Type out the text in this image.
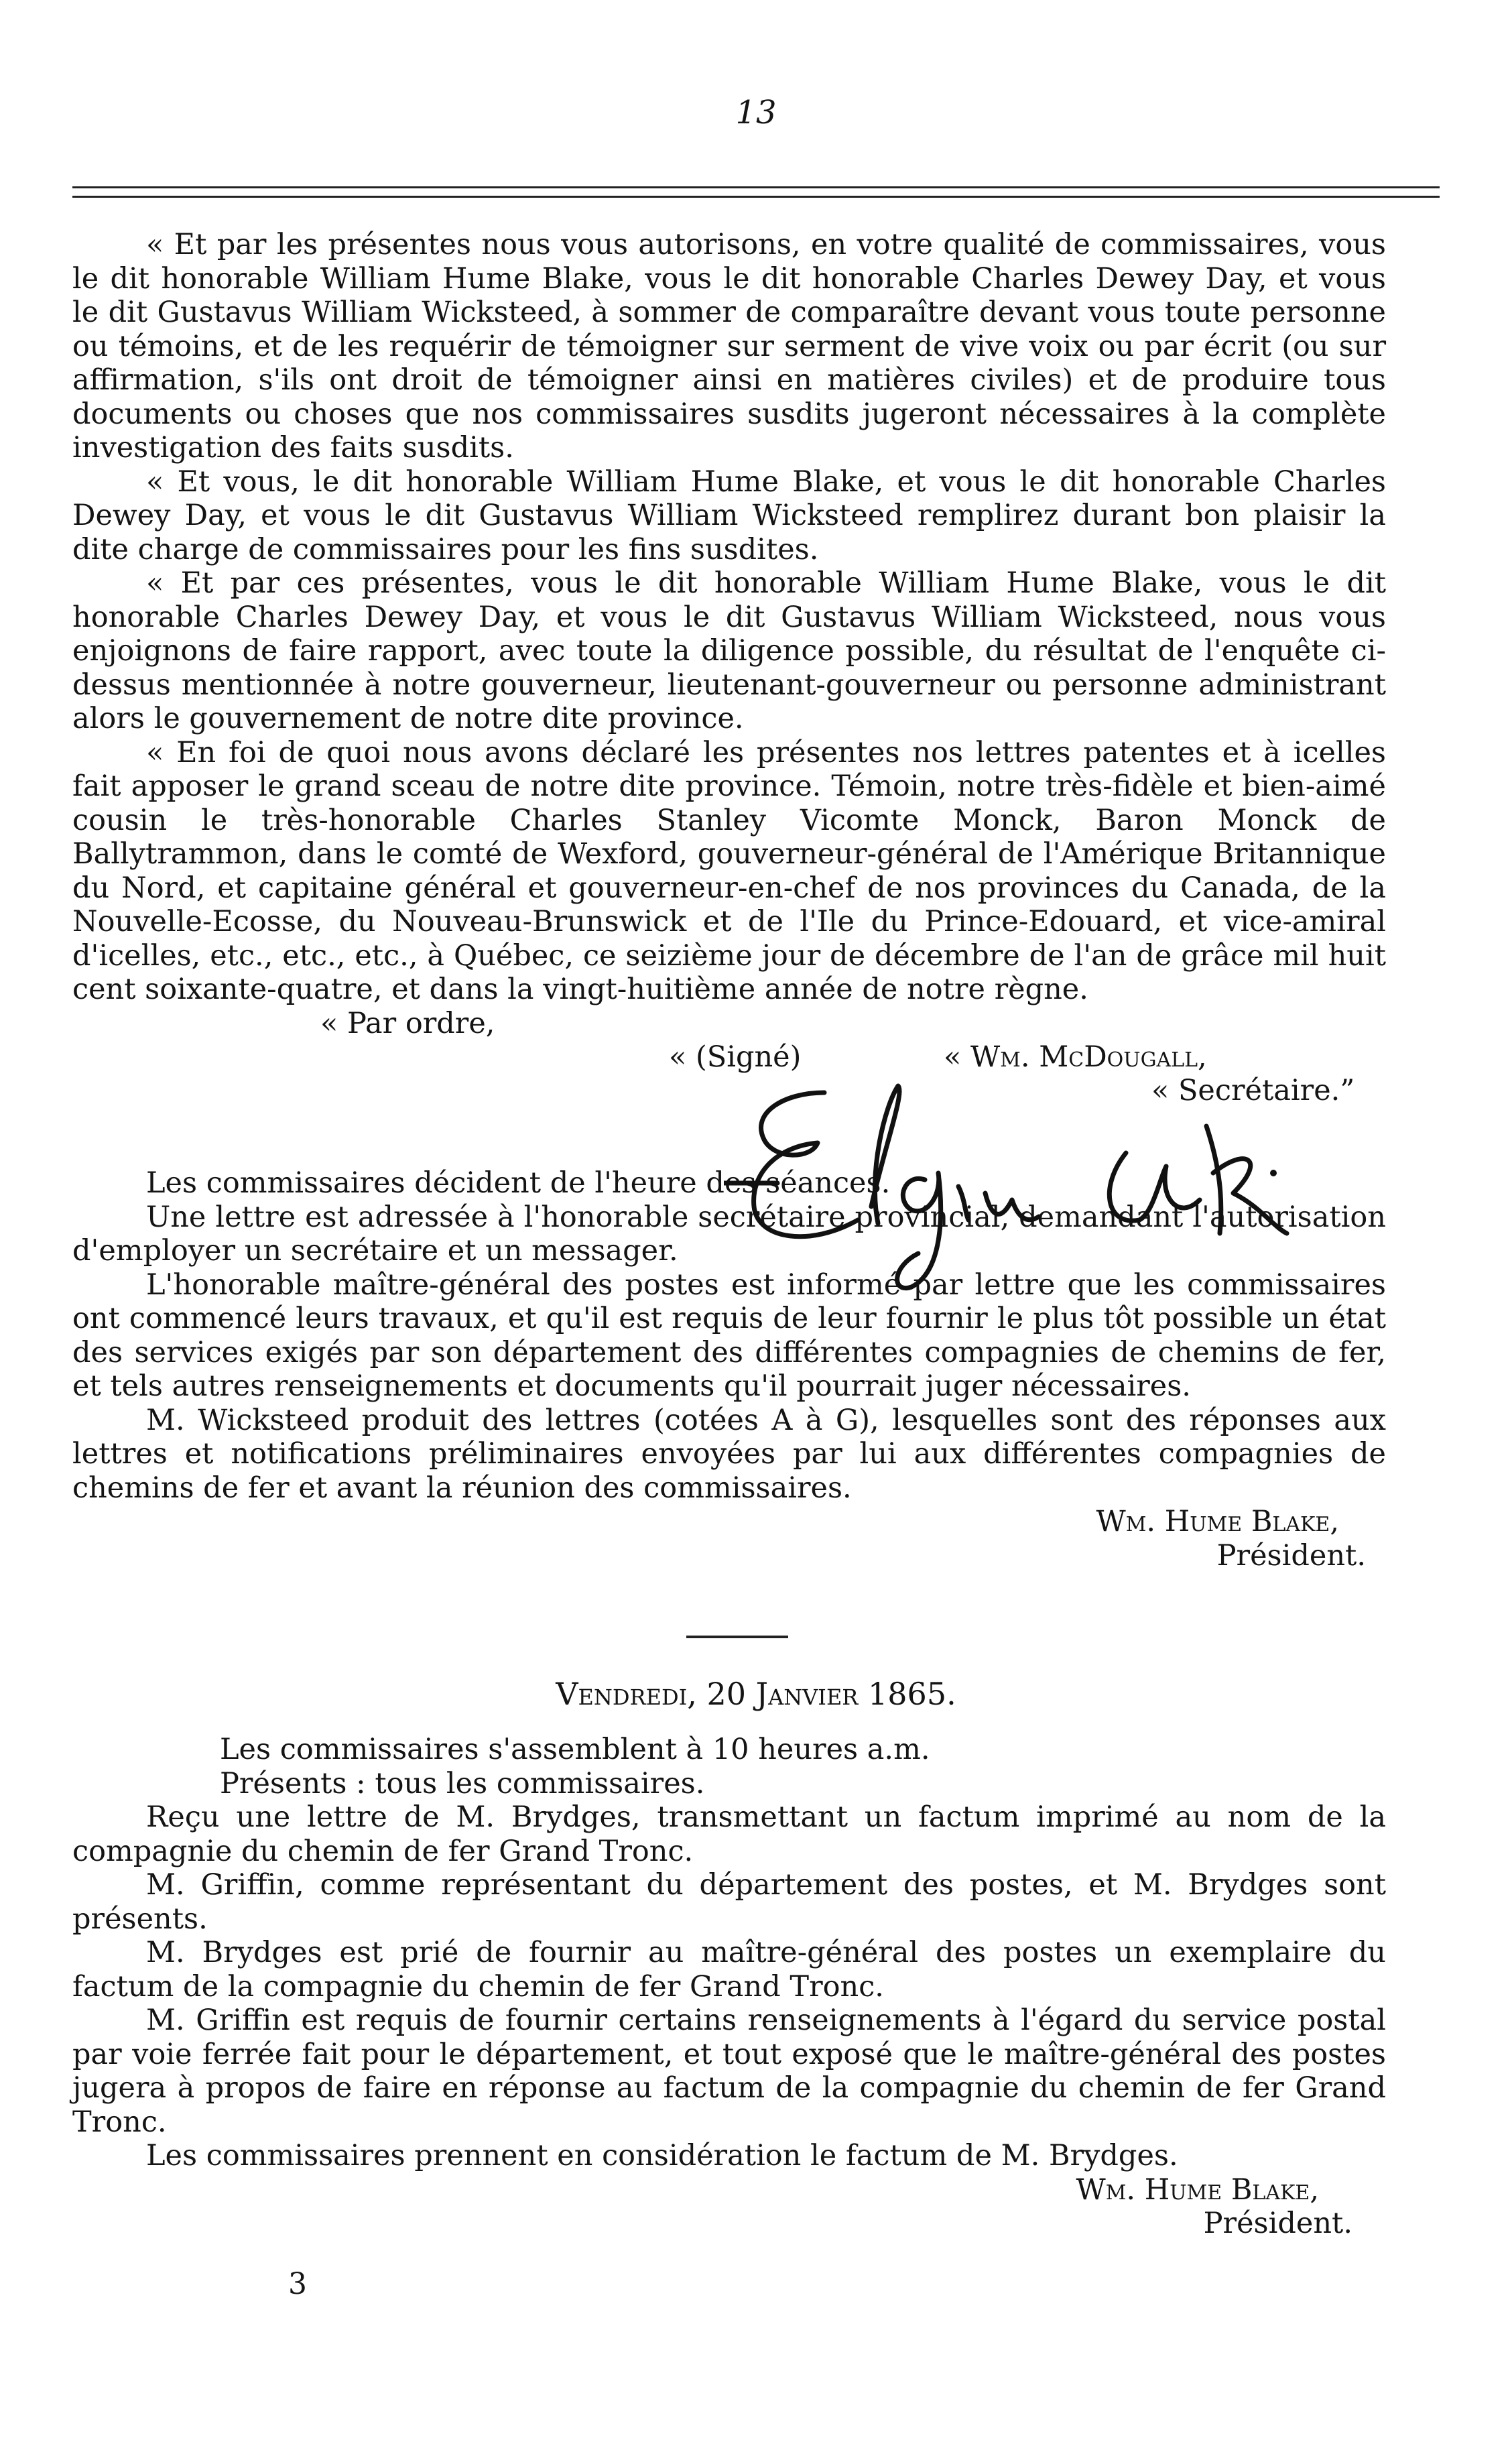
13

« Et par les présentes nous vous autorisons, en votre qualité de commissaires, vous le dit honorable William Hume Blake, vous le dit honorable Charles Dewey Day, et vous le dit Gustavus William Wicksteed, à sommer de comparaître devant vous toute personne ou témoins, et de les requérir de témoigner sur serment de vive voix ou par écrit (ou sur affirmation, s'ils ont droit de témoigner ainsi en matières civiles) et de produire tous documents ou choses que nos commissaires susdits jugeront nécessaires à la complète investigation des faits susdits.

« Et vous, le dit honorable William Hume Blake, et vous le dit honorable Charles Dewey Day, et vous le dit Gustavus William Wicksteed remplirez durant bon plaisir la dite charge de commissaires pour les fins susdites.

« Et par ces présentes, vous le dit honorable William Hume Blake, vous le dit honorable Charles Dewey Day, et vous le dit Gustavus William Wicksteed, nous vous enjoignons de faire rapport, avec toute la diligence possible, du résultat de l'enquête ci-dessus mentionnée à notre gouverneur, lieutenant-gouverneur ou personne administrant alors le gouvernement de notre dite province.

« En foi de quoi nous avons déclaré les présentes nos lettres patentes et à icelles fait apposer le grand sceau de notre dite province. Témoin, notre très-fidèle et bien-aimé cousin le très-honorable Charles Stanley Vicomte Monck, Baron Monck de Ballytrammon, dans le comté de Wexford, gouverneur-général de l'Amérique Britannique du Nord, et capitaine général et gouverneur-en-chef de nos provinces du Canada, de la Nouvelle-Ecosse, du Nouveau-Brunswick et de l'Ile du Prince-Edouard, et vice-amiral d'icelles, etc., etc., etc., à Québec, ce seizième jour de décembre de l'an de grâce mil huit cent soixante-quatre, et dans la vingt-huitième année de notre règne.

« Par ordre,

« (Signé)	« Wm. McDougall,
« Secrétaire.”

Les commissaires décident de l'heure des séances.

Une lettre est adressée à l'honorable secrétaire provincial, demandant l'autorisation d'employer un secrétaire et un messager.

L'honorable maître-général des postes est informé par lettre que les commissaires ont commencé leurs travaux, et qu'il est requis de leur fournir le plus tôt possible un état des services exigés par son département des différentes compagnies de chemins de fer, et tels autres renseignements et documents qu'il pourrait juger nécessaires.

M. Wicksteed produit des lettres (cotées A à G), lesquelles sont des réponses aux lettres et notifications préliminaires envoyées par lui aux différentes compagnies de chemins de fer et avant la réunion des commissaires.

Wm. Hume Blake,

Président.

Vendredi, 20 Janvier 1865.

Les commissaires s'assemblent à 10 heures a.m.

Présents : tous les commissaires.

Reçu une lettre de M. Brydges, transmettant un factum imprimé au nom de la compagnie du chemin de fer Grand Tronc.

M. Griffin, comme représentant du département des postes, et M. Brydges sont présents.

M. Brydges est prié de fournir au maître-général des postes un exemplaire du factum de la compagnie du chemin de fer Grand Tronc.

M. Griffin est requis de fournir certains renseignements à l'égard du service postal par voie ferrée fait pour le département, et tout exposé que le maître-général des postes jugera à propos de faire en réponse au factum de la compagnie du chemin de fer Grand Tronc.

Les commissaires prennent en considération le factum de M. Brydges.

Wm. Hume Blake,

Président.

3
